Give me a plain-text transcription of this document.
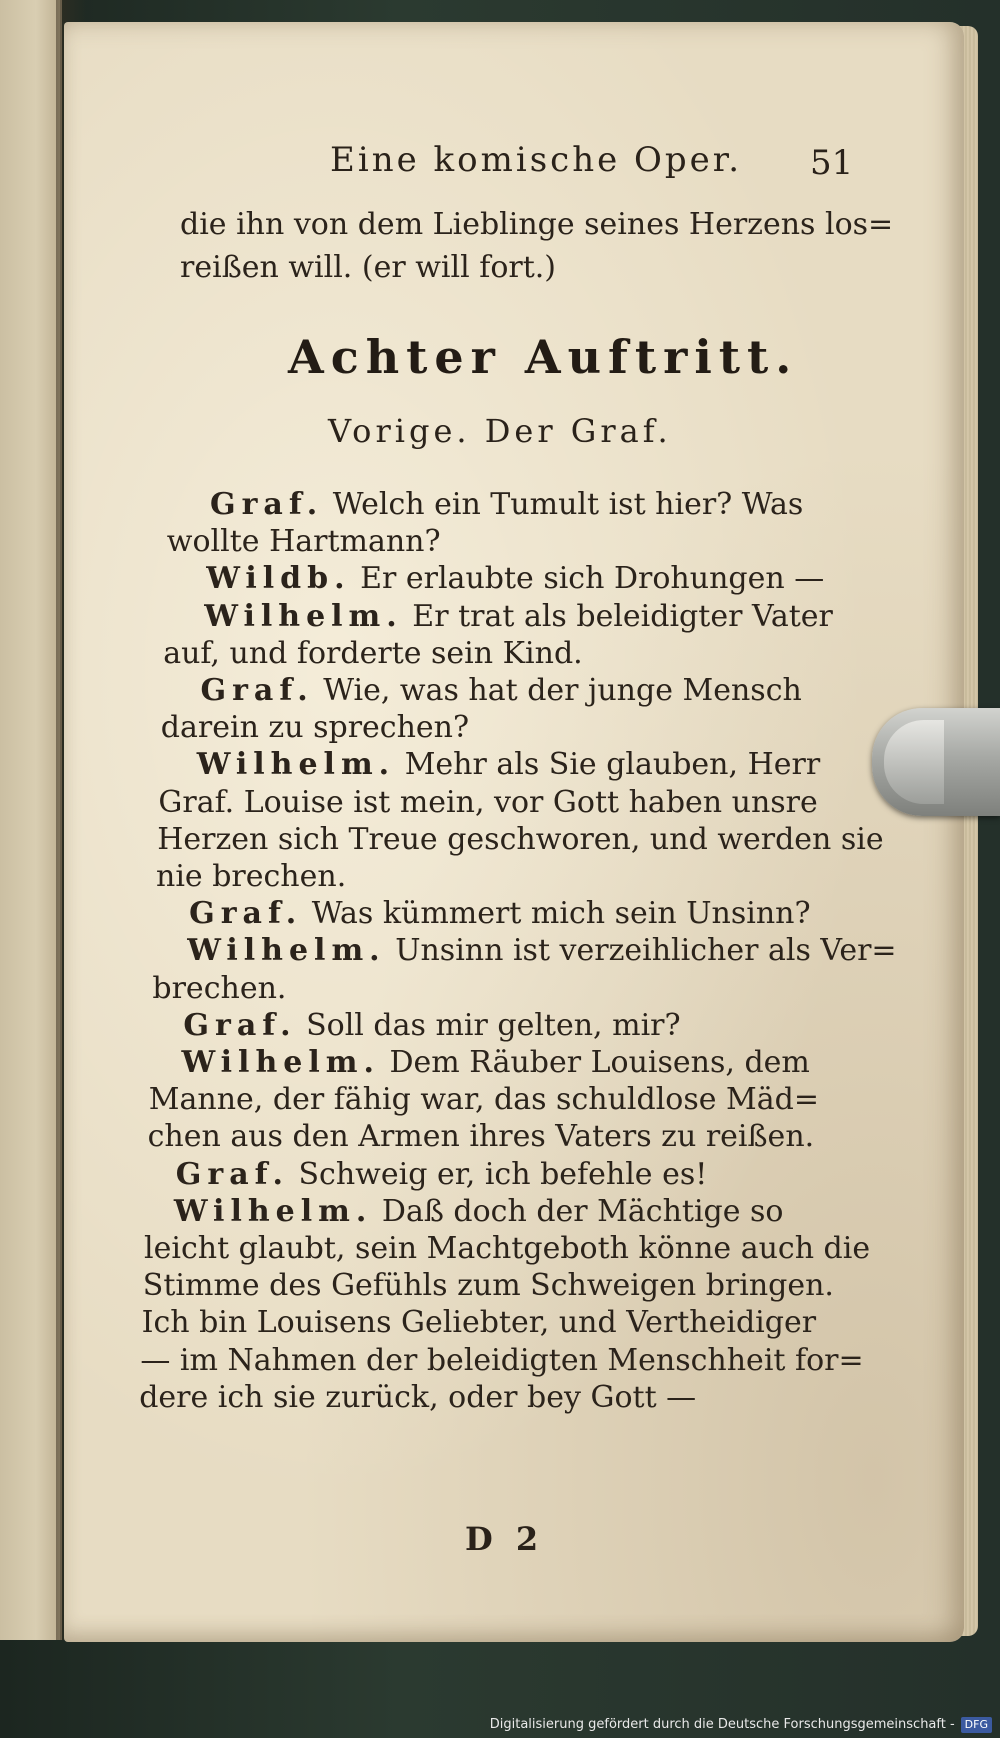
Eine komische Oper.	51
die ihn von dem Lieblinge seines Herzens los=
reißen will. (er will fort.)
Achter Auftritt.
Vorige. Der Graf.
Graf. Welch ein Tumult ist hier? Was
wollte Hartmann?
Wildb. Er erlaubte sich Drohungen —
Wilhelm. Er trat als beleidigter Vater
auf, und forderte sein Kind.
Graf. Wie, was hat der junge Mensch
darein zu sprechen?
Wilhelm. Mehr als Sie glauben, Herr
Graf. Louise ist mein, vor Gott haben unsre
Herzen sich Treue geschworen, und werden sie
nie brechen.
Graf. Was kümmert mich sein Unsinn?
Wilhelm. Unsinn ist verzeihlicher als Ver=
brechen.
Graf. Soll das mir gelten, mir?
Wilhelm. Dem Räuber Louisens, dem
Manne, der fähig war, das schuldlose Mäd=
chen aus den Armen ihres Vaters zu reißen.
Graf. Schweig er, ich befehle es!
Wilhelm. Daß doch der Mächtige so
leicht glaubt, sein Machtgeboth könne auch die
Stimme des Gefühls zum Schweigen bringen.
Ich bin Louisens Geliebter, und Vertheidiger
— im Nahmen der beleidigten Menschheit for=
dere ich sie zurück, oder bey Gott —
D 2
Digitalisierung gefördert durch die Deutsche Forschungsgemeinschaft - DFG
